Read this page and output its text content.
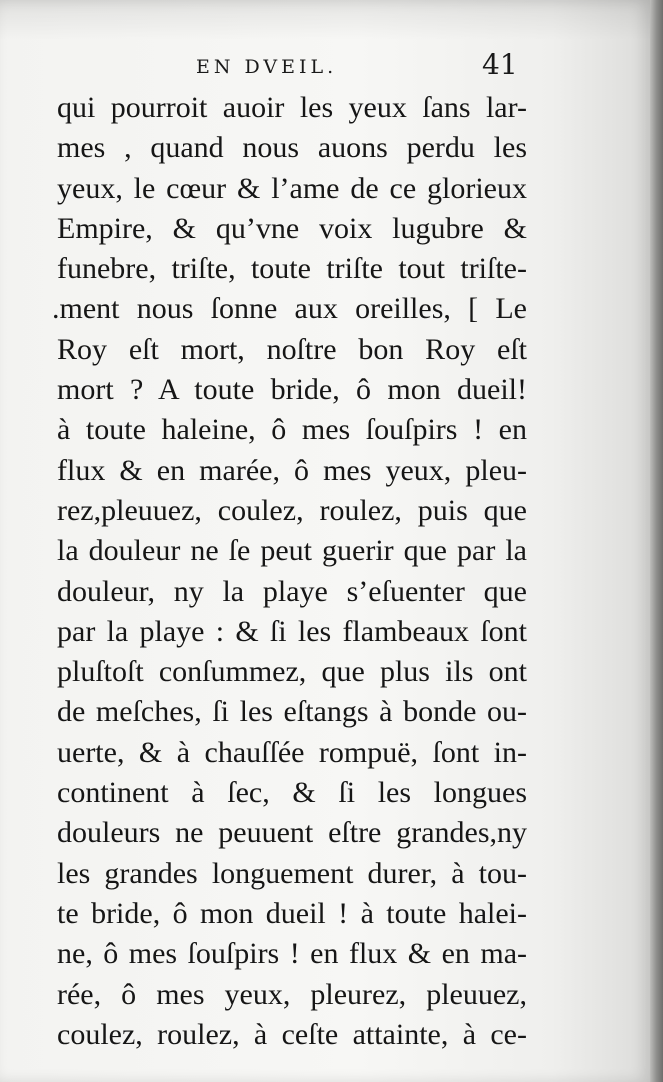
EN DVEIL.	41
qui pourroit auoir les yeux ſans lar-
mes , quand nous auons perdu les
yeux, le cœur & l’ame de ce glorieux
Empire, & qu’vne voix lugubre &
funebre, triſte, toute triſte tout triſte-
.ment nous ſonne aux oreilles, [ Le
Roy eſt mort, noſtre bon Roy eſt
mort ? A toute bride, ô mon dueil!
à toute haleine, ô mes ſouſpirs ! en
flux & en marée, ô mes yeux, pleu-
rez,pleuuez, coulez, roulez, puis que
la douleur ne ſe peut guerir que par la
douleur, ny la playe s’eſuenter que
par la playe : & ſi les flambeaux ſont
pluſtoſt conſummez, que plus ils ont
de meſches, ſi les eſtangs à bonde ou-
uerte, & à chauſſée rompuë, ſont in-
continent à ſec, & ſi les longues
douleurs ne peuuent eſtre grandes,ny
les grandes longuement durer, à tou-
te bride, ô mon dueil ! à toute halei-
ne, ô mes ſouſpirs ! en flux & en ma-
rée, ô mes yeux, pleurez, pleuuez,
coulez, roulez, à ceſte attainte, à ce-
